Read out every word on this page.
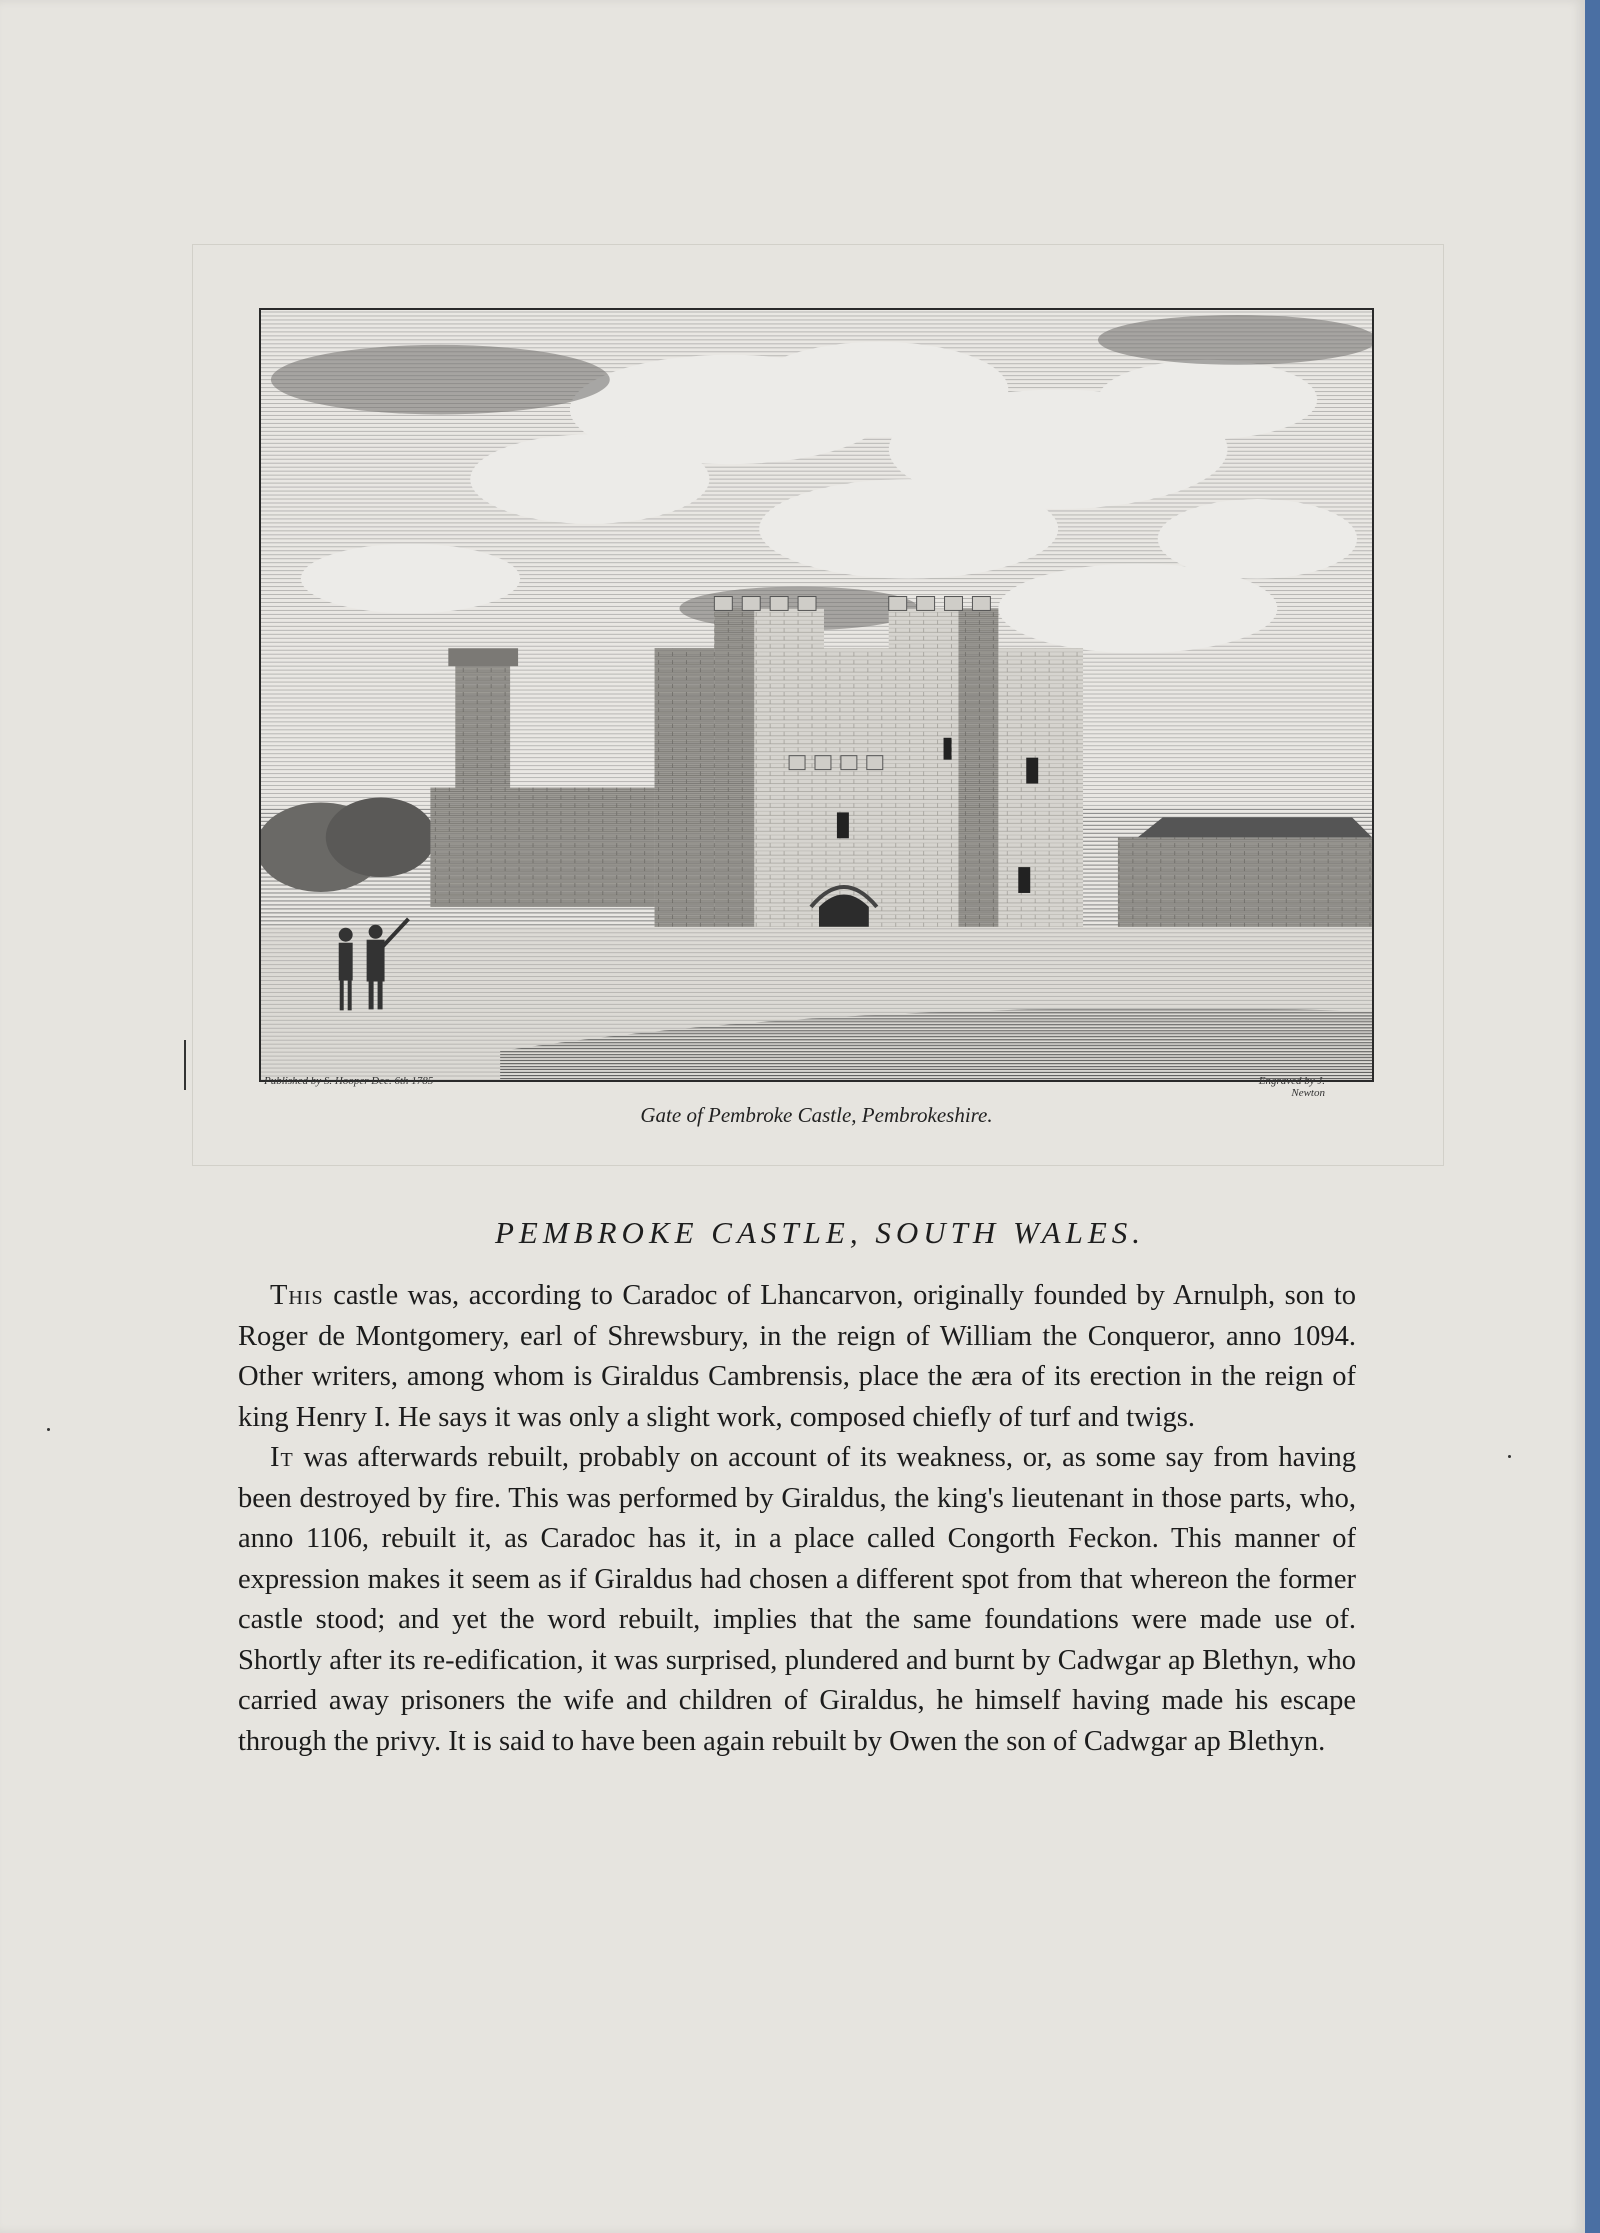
Published by S. Hooper Dec. 6th 1785	Engraved by J. Newton
Gate of Pembroke Castle, Pembrokeshire.
PEMBROKE CASTLE, SOUTH WALES.

This castle was, according to Caradoc of Lhancarvon, originally founded by Arnulph, son to Roger de Montgomery, earl of Shrewsbury, in the reign of William the Conqueror, anno 1094. Other writers, among whom is Giraldus Cambrensis, place the æra of its erection in the reign of king Henry I. He says it was only a slight work, composed chiefly of turf and twigs.

It was afterwards rebuilt, probably on account of its weakness, or, as some say from having been destroyed by fire. This was performed by Giraldus, the king's lieutenant in those parts, who, anno 1106, rebuilt it, as Caradoc has it, in a place called Congorth Feckon. This manner of expression makes it seem as if Giraldus had chosen a different spot from that whereon the former castle stood; and yet the word rebuilt, implies that the same foundations were made use of. Shortly after its re-edification, it was surprised, plundered and burnt by Cadwgar ap Blethyn, who carried away prisoners the wife and children of Giraldus, he himself having made his escape through the privy. It is said to have been again rebuilt by Owen the son of Cadwgar ap Blethyn.
